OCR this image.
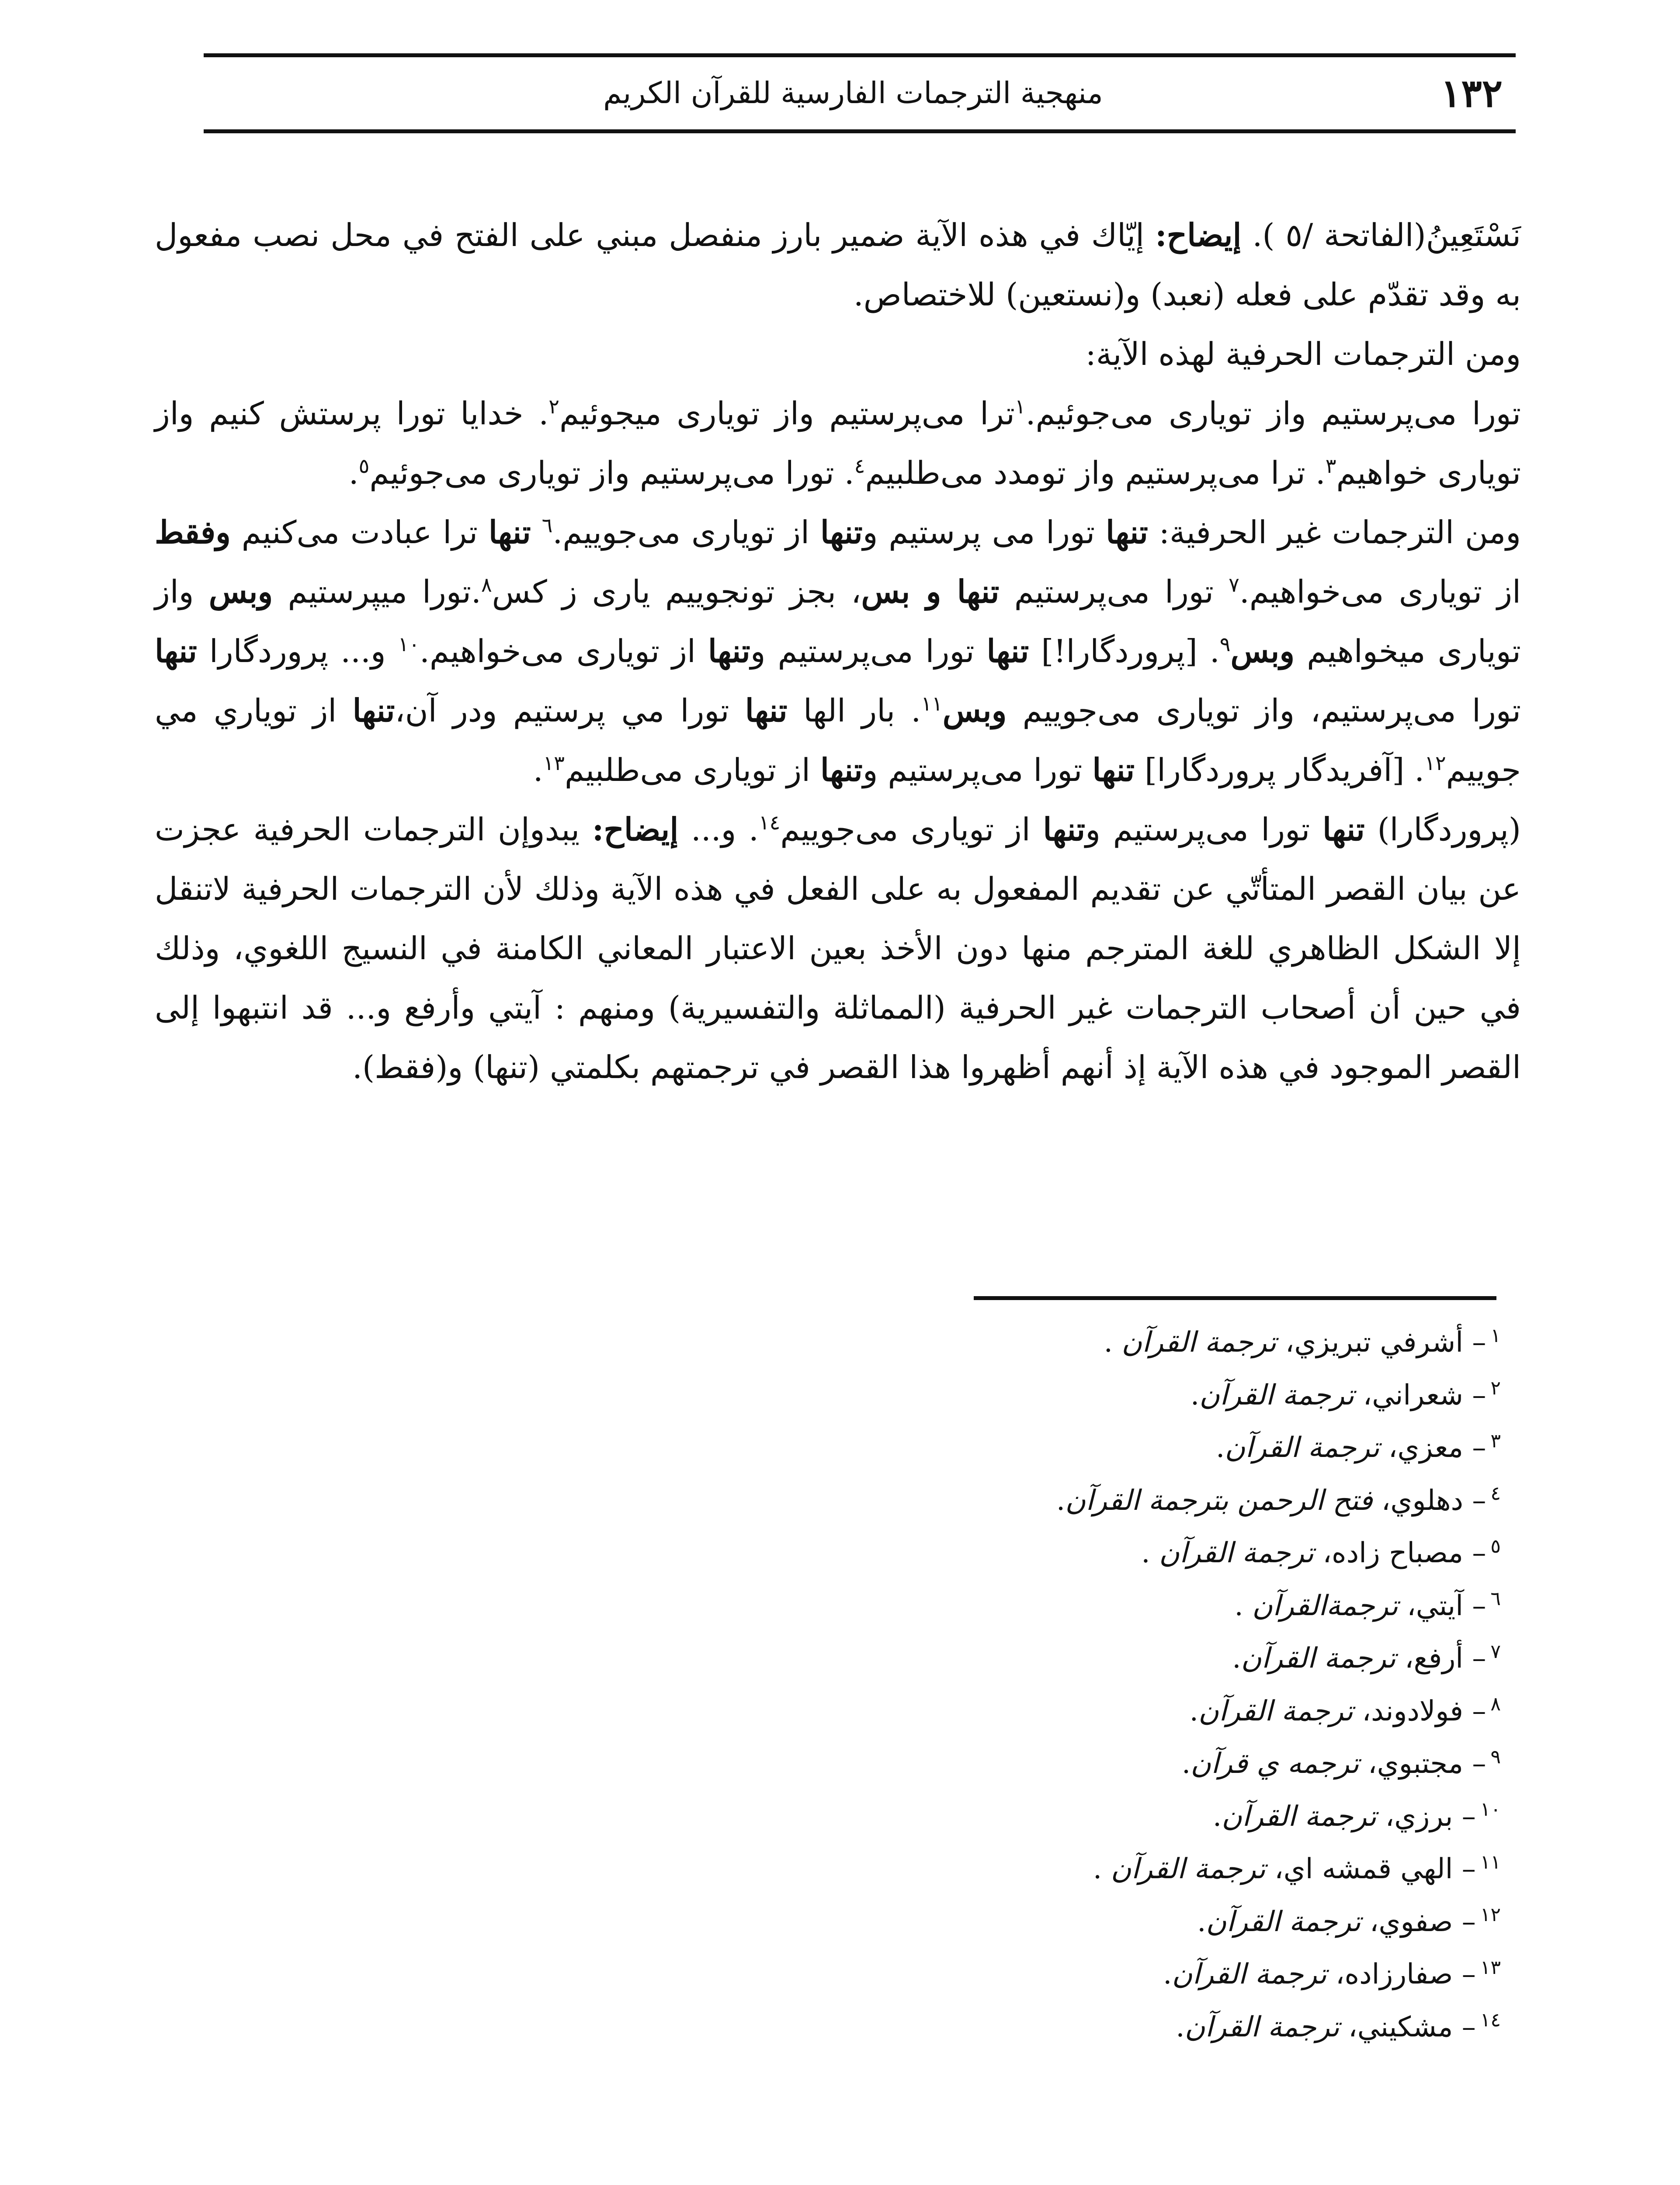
١٣٢
منهجية الترجمات الفارسية للقرآن الكريم

نَسْتَعِينُ(الفاتحة /٥ ). إيضاح: إيّاك في هذه الآية ضمير بارز منفصل مبني على الفتح في محل نصب مفعول به وقد تقدّم على فعله (نعبد) و(نستعين) للاختصاص.

ومن الترجمات الحرفية لهذه الآية:

تورا می‌پرستیم واز تویاری می‌جوئیم.$^١$ترا می‌پرستیم واز تویاری میجوئیم$^٢$. خدایا تورا پرستش کنیم واز تویاری خواهیم$^٣$. ترا می‌پرستیم واز تومدد می‌طلبیم$^٤$. تورا می‌پرستیم واز تویاری می‌جوئیم$^٥$.

ومن الترجمات غير الحرفية: تنها تورا می پرستیم وتنها از تویاری می‌جوییم.$^٦$ تنها ترا عبادت می‌کنیم وفقط از تویاری می‌خواهیم.$^٧$ تورا می‌پرستیم تنها و بس، بجز تونجوییم یاری ز کس$^٨$.تورا میپرستیم وبس واز تویاری میخواهیم وبس$^٩$. [پروردگارا!] تنها تورا می‌پرستیم وتنها از تویاری می‌خواهیم.$^{١٠}$ و... پروردگارا تنها تورا می‌پرستیم، واز تویاری می‌جوییم وبس$^{١١}$. بار الها تنها تورا مي پرستيم ودر آن،تنها از تویاري مي جوییم$^{١٢}$. [آفریدگار پروردگارا] تنها تورا می‌پرستیم وتنها از تویاری می‌طلبیم$^{١٣}$.

(پروردگارا) تنها تورا می‌پرستیم وتنها از تویاری می‌جوییم$^{١٤}$. و... إيضاح: يبدوإن الترجمات الحرفية عجزت عن بيان القصر المتأتّي عن تقديم المفعول به على الفعل في هذه الآية وذلك لأن الترجمات الحرفية لاتنقل إلا الشكل الظاهري للغة المترجم منها دون الأخذ بعين الاعتبار المعاني الكامنة في النسيج اللغوي، وذلك في حين أن أصحاب الترجمات غير الحرفية (المماثلة والتفسيرية) ومنهم : آيتي وأرفع و... قد انتبهوا إلى القصر الموجود في هذه الآية إذ أنهم أظهروا هذا القصر في ترجمتهم بكلمتي (تنها) و(فقط).

$^١$– أشرفي تبريزي، ترجمة القرآن .
$^٢$– شعراني، ترجمة القرآن.
$^٣$– معزي، ترجمة القرآن.
$^٤$– دهلوي، فتح الرحمن بترجمة القرآن.
$^٥$– مصباح زاده، ترجمة القرآن .
$^٦$– آيتي، ترجمةالقرآن .
$^٧$– أرفع، ترجمة القرآن.
$^٨$– فولادوند، ترجمة القرآن.
$^٩$– مجتبوي، ترجمه ي قرآن.
$^{١٠}$– برزي، ترجمة القرآن.
$^{١١}$– الهي قمشه اي، ترجمة القرآن .
$^{١٢}$– صفوي، ترجمة القرآن.
$^{١٣}$– صفارزاده، ترجمة القرآن.
$^{١٤}$– مشكيني، ترجمة القرآن.
